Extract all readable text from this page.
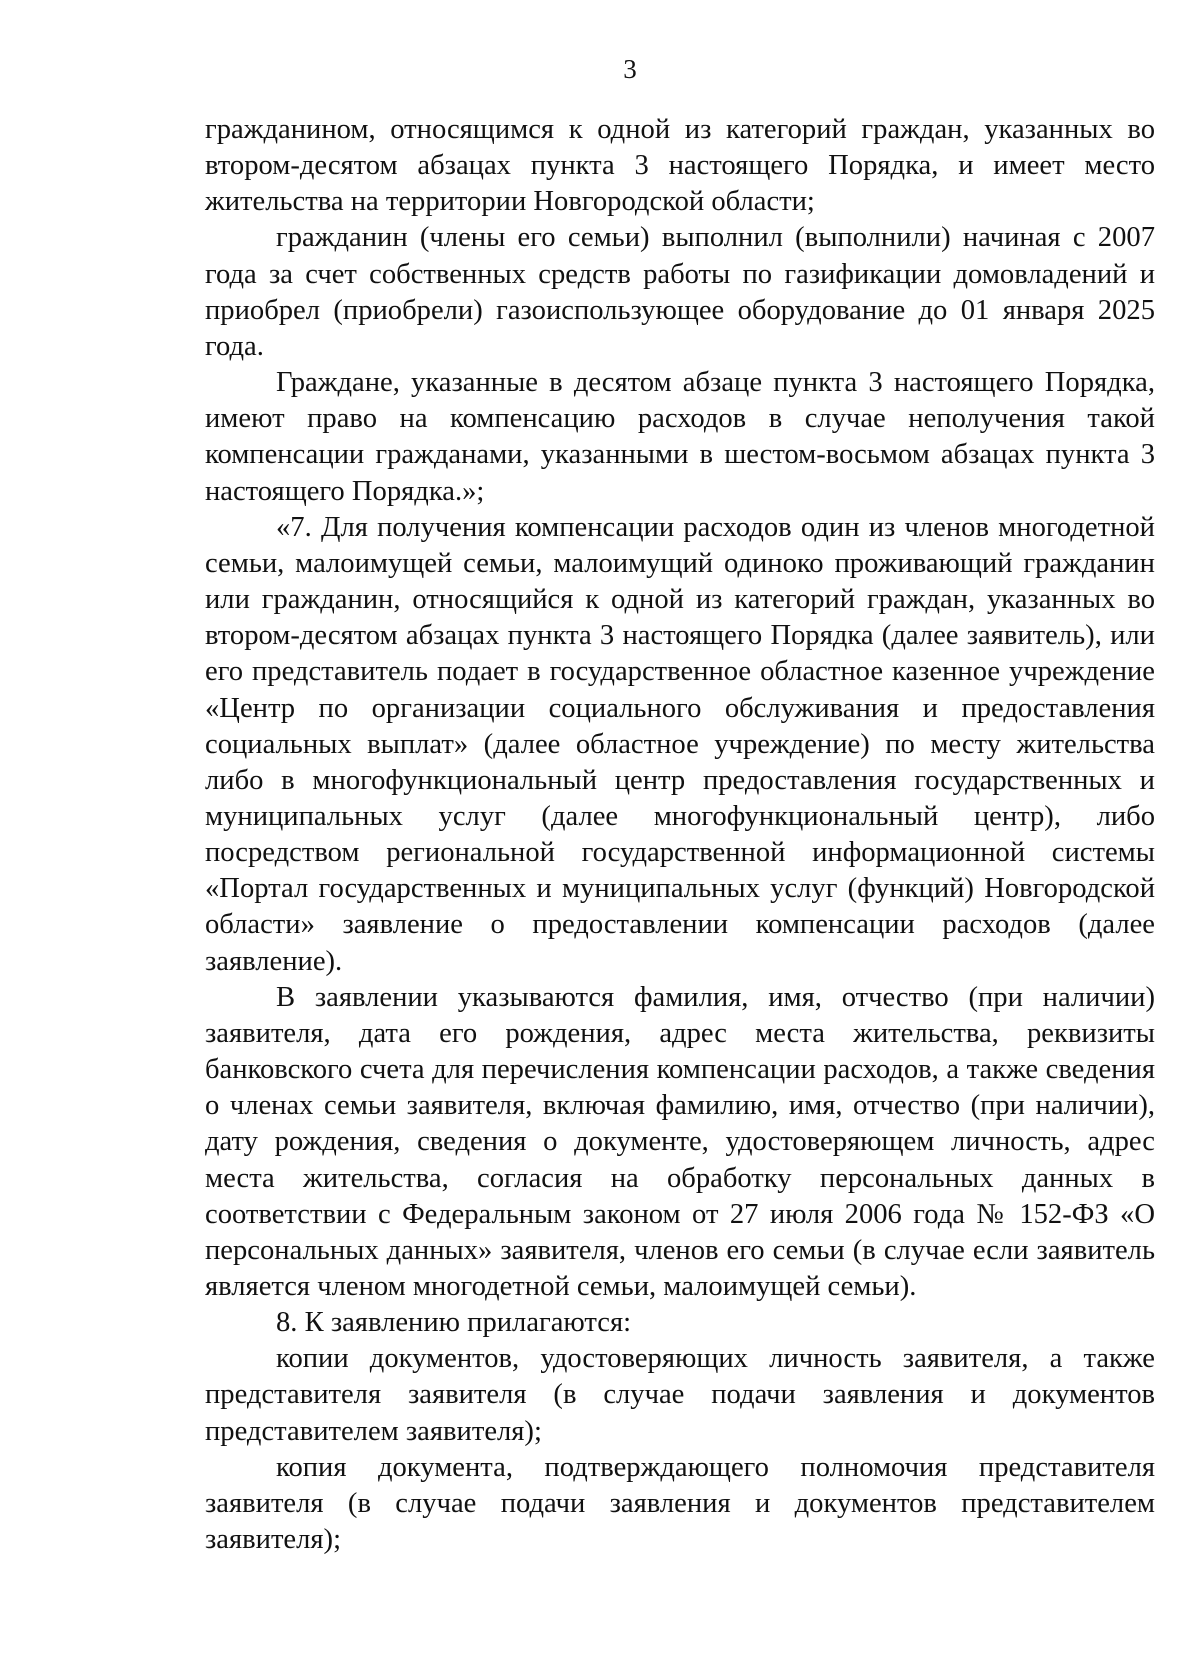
3

гражданином, относящимся к одной из категорий граждан, указанных во втором-десятом абзацах пункта 3 настоящего Порядка, и имеет место жительства на территории Новгородской области;

гражданин (члены его семьи) выполнил (выполнили) начиная с 2007 года за счет собственных средств работы по газификации домовладений и приобрел (приобрели) газоиспользующее оборудование до 01 января 2025 года.

Граждане, указанные в десятом абзаце пункта 3 настоящего Порядка, имеют право на компенсацию расходов в случае неполучения такой компенсации гражданами, указанными в шестом-восьмом абзацах пункта 3 настоящего Порядка.»;

«7. Для получения компенсации расходов один из членов многодетной семьи, малоимущей семьи, малоимущий одиноко проживающий гражданин или гражданин, относящийся к одной из категорий граждан, указанных во втором-десятом абзацах пункта 3 настоящего Порядка (далее заявитель), или его представитель подает в государственное областное казенное учреждение «Центр по организации социального обслуживания и предоставления социальных выплат» (далее областное учреждение) по месту жительства либо в многофункциональный центр предоставления государственных и муниципальных услуг (далее многофункциональный центр), либо посредством региональной государственной информационной системы «Портал государственных и муниципальных услуг (функций) Новгородской области» заявление о предоставлении компенсации расходов (далее заявление).

В заявлении указываются фамилия, имя, отчество (при наличии) заявителя, дата его рождения, адрес места жительства, реквизиты банковского счета для перечисления компенсации расходов, а также сведения о членах семьи заявителя, включая фамилию, имя, отчество (при наличии), дату рождения, сведения о документе, удостоверяющем личность, адрес места жительства, согласия на обработку персональных данных в соответствии с Федеральным законом от 27 июля 2006 года № 152-ФЗ «О персональных данных» заявителя, членов его семьи (в случае если заявитель является членом многодетной семьи, малоимущей семьи).

8. К заявлению прилагаются:

копии документов, удостоверяющих личность заявителя, а также представителя заявителя (в случае подачи заявления и документов представителем заявителя);

копия документа, подтверждающего полномочия представителя заявителя (в случае подачи заявления и документов представителем заявителя);
